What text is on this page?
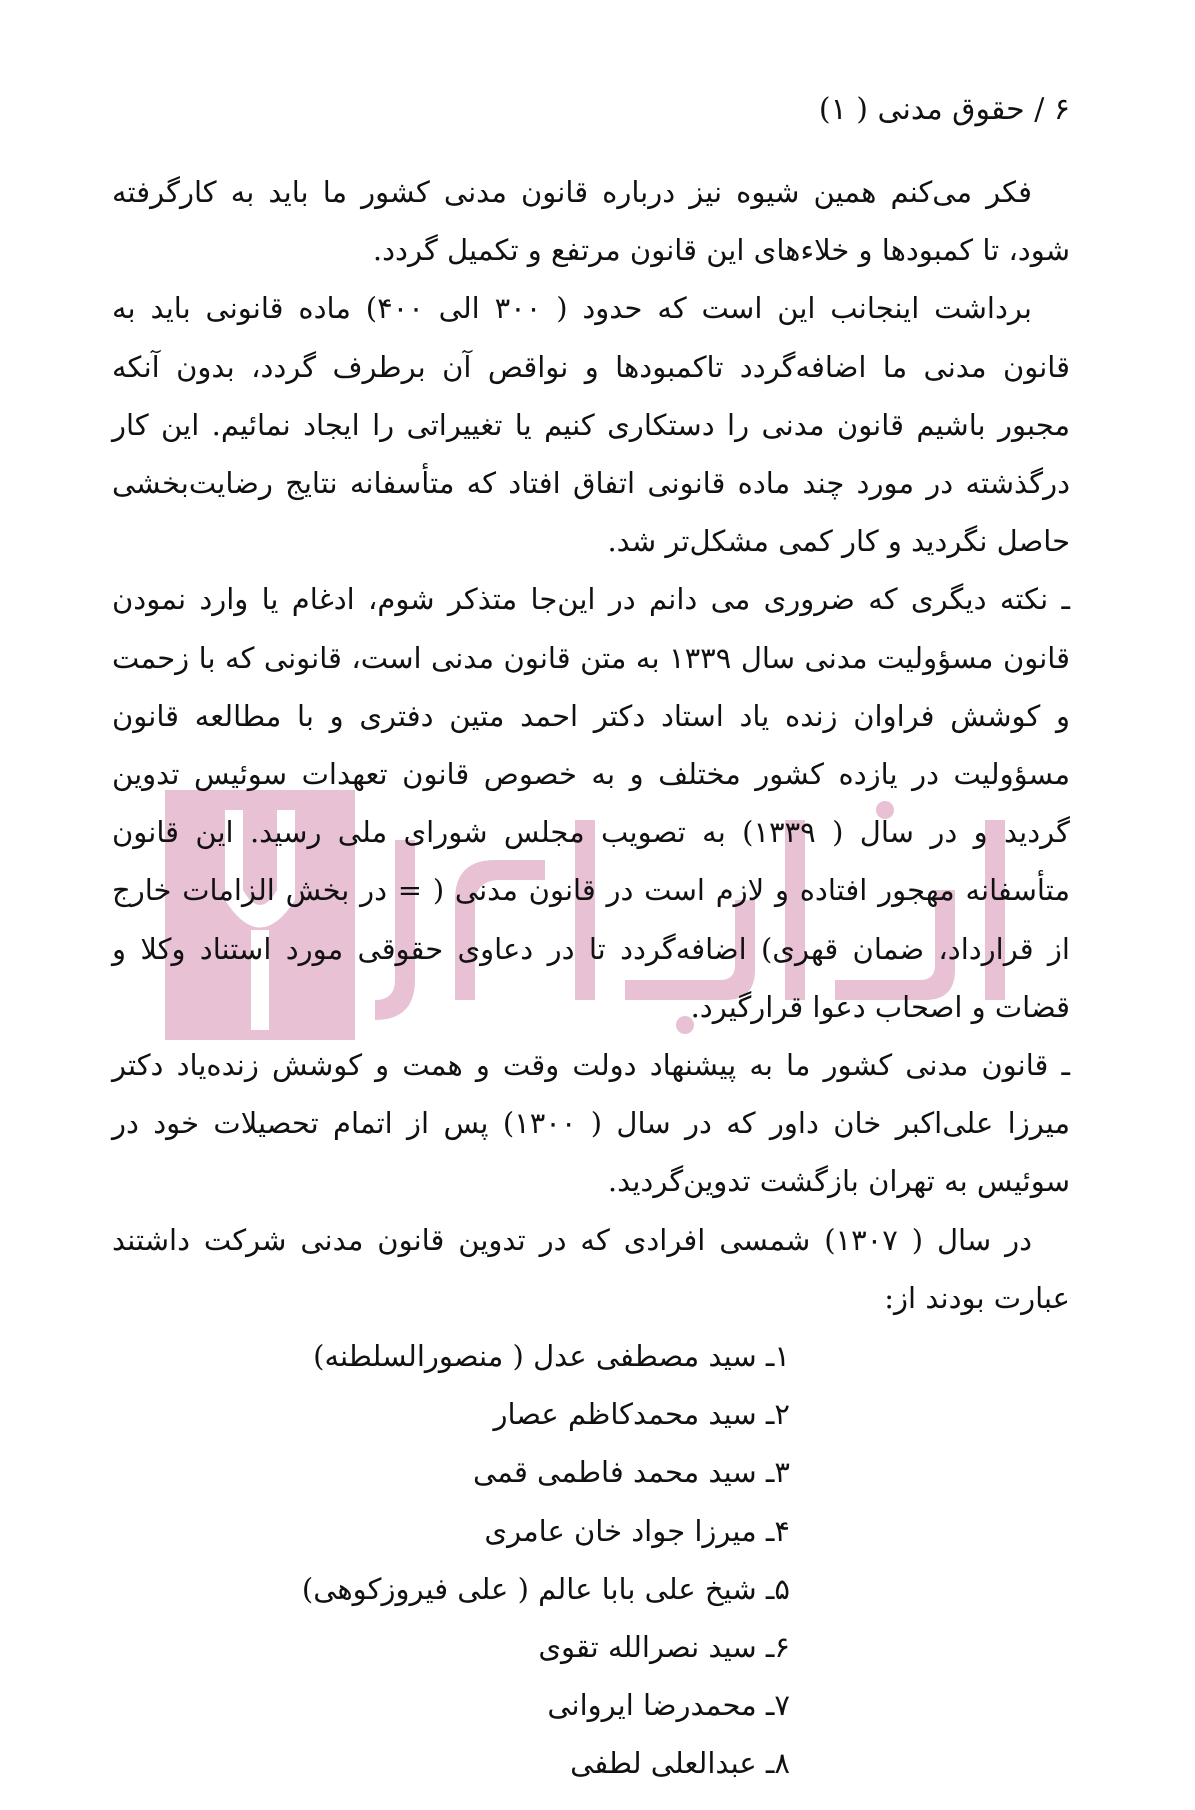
۶ / حقوق مدنی ( ۱)

فکر می‌کنم همین شیوه نیز درباره قانون مدنی کشور ما باید به کارگرفته شود، تا کمبودها و خلاءهای این قانون مرتفع و تکمیل گردد.

برداشت اینجانب این است که حدود ( ۳۰۰ الی ۴۰۰) ماده قانونی باید به قانون مدنی ما اضافه‌گردد تاکمبودها و نواقص آن برطرف گردد، بدون آنکه مجبور باشیم قانون مدنی را دستکاری کنیم یا تغییراتی را ایجاد نمائیم. این کار درگذشته در مورد چند ماده قانونی اتفاق افتاد که متأسفانه نتایج رضایت‌بخشی حاصل نگردید و کار کمی مشکل‌تر شد.

ـ نکته دیگری که ضروری می دانم در این‌جا متذکر شوم، ادغام یا وارد نمودن قانون مسؤولیت مدنی سال ۱۳۳۹ به متن قانون مدنی است، قانونی که با زحمت و کوشش فراوان زنده یاد استاد دکتر احمد متین دفتری و با مطالعه قانون مسؤولیت در یازده کشور مختلف و به خصوص قانون تعهدات سوئیس تدوین گردید و در سال ( ۱۳۳۹) به تصویب مجلس شورای ملی رسید. این قانون متأسفانه مهجور افتاده و لازم است در قانون مدنی ( = در بخش الزامات خارج از قرارداد، ضمان قهری) اضافه‌گردد تا در دعاوی حقوقی مورد استناد وکلا و قضات و اصحاب دعوا قرارگیرد.

ـ قانون مدنی کشور ما به پیشنهاد دولت وقت و همت و کوشش زنده‌یاد دکتر میرزا علی‌اکبر خان داور که در سال ( ۱۳۰۰) پس از اتمام تحصیلات خود در سوئیس به تهران بازگشت تدوین‌گردید.

در سال ( ۱۳۰۷) شمسی افرادی که در تدوین قانون مدنی شرکت داشتند عبارت بودند از:

۱ـ سید مصطفی عدل ( منصورالسلطنه)
۲ـ سید محمدکاظم عصار
۳ـ سید محمد فاطمی قمی
۴ـ میرزا جواد خان عامری
۵ـ شیخ علی بابا عالم ( علی فیروزکوهی)
۶ـ سید نصرالله تقوی
۷ـ محمدرضا ایروانی
۸ـ عبدالعلی لطفی
